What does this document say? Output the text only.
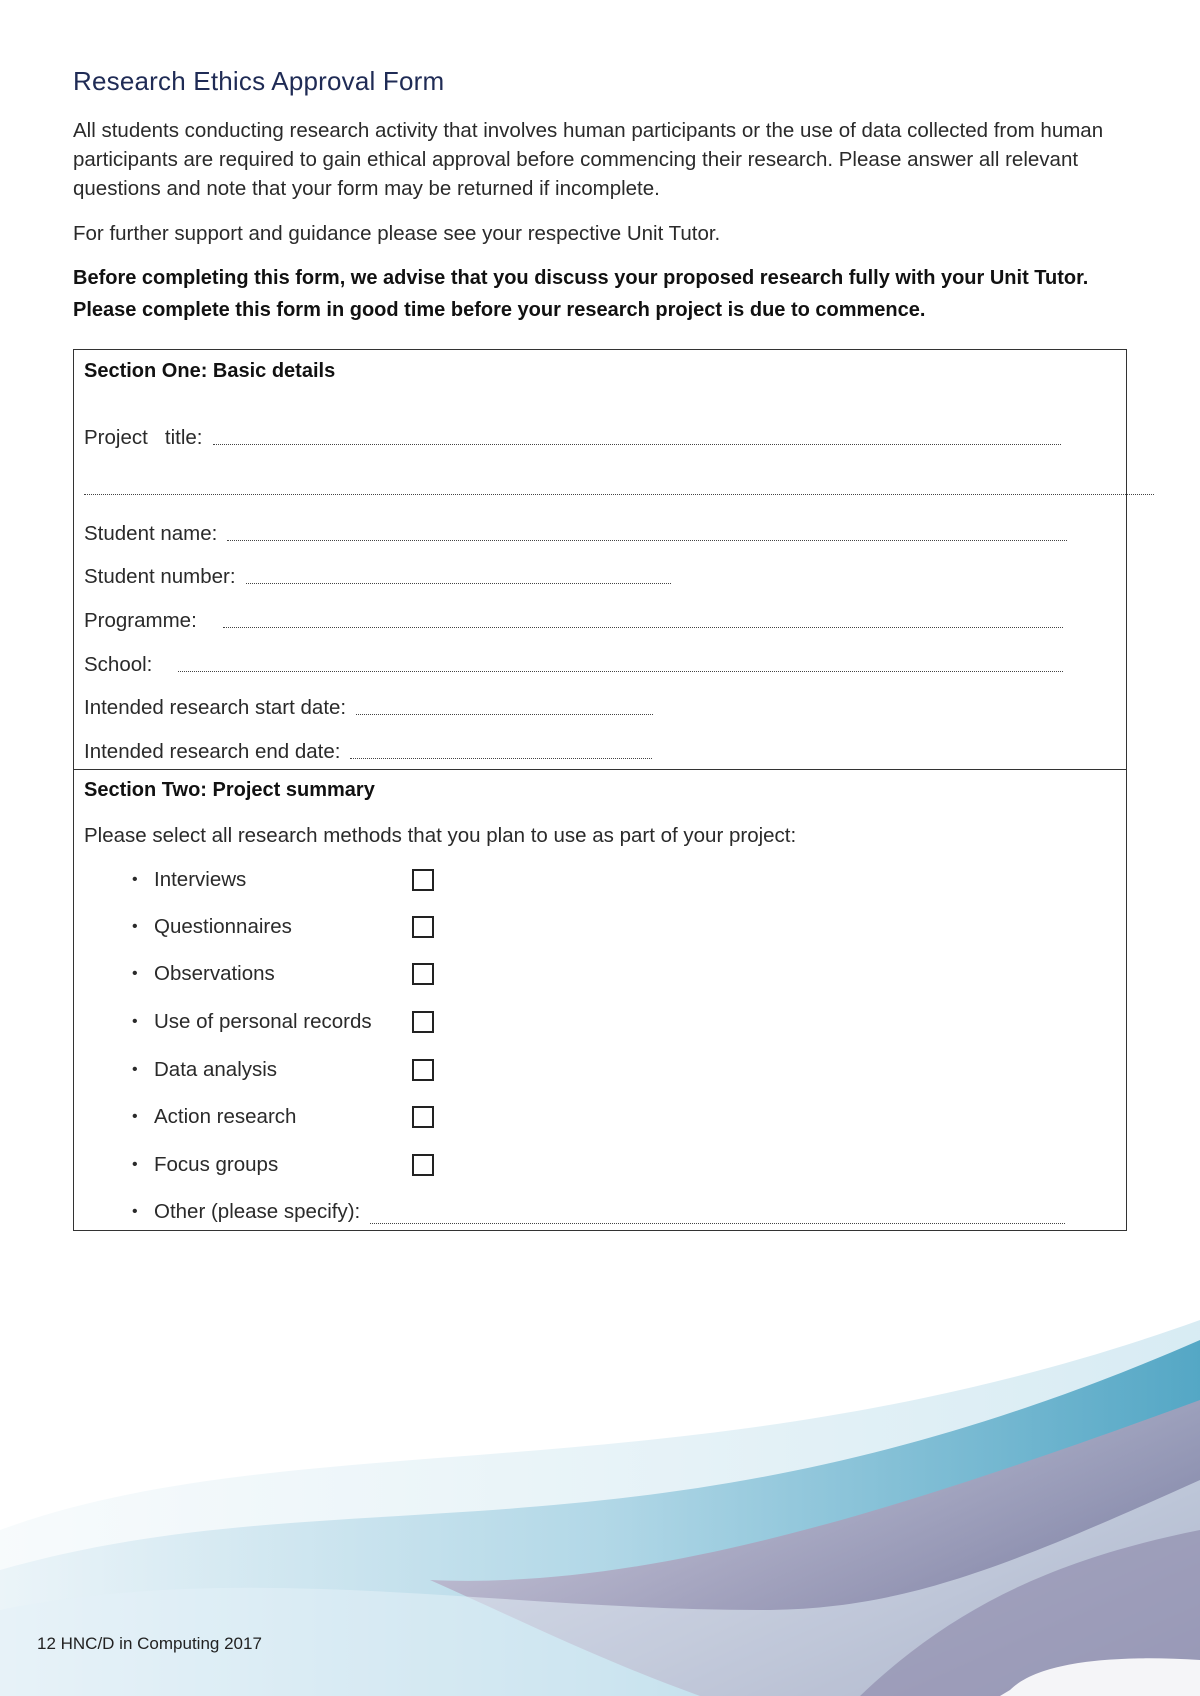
Research Ethics Approval Form
All students conducting research activity that involves human participants or the use of data collected from human participants are required to gain ethical approval before commencing their research. Please answer all relevant questions and note that your form may be returned if incomplete.
For further support and guidance please see your respective Unit Tutor.
Before completing this form, we advise that you discuss your proposed research fully with your Unit Tutor. Please complete this form in good time before your research project is due to commence.
Section One: Basic details
Project   title:
Student name:
Student number:
Programme:
School:
Intended research start date:
Intended research end date:
Section Two: Project summary
Please select all research methods that you plan to use as part of your project:
• Interviews
• Questionnaires
• Observations
• Use of personal records
• Data analysis
• Action research
• Focus groups
• Other (please specify):
12 HNC/D in Computing 2017
